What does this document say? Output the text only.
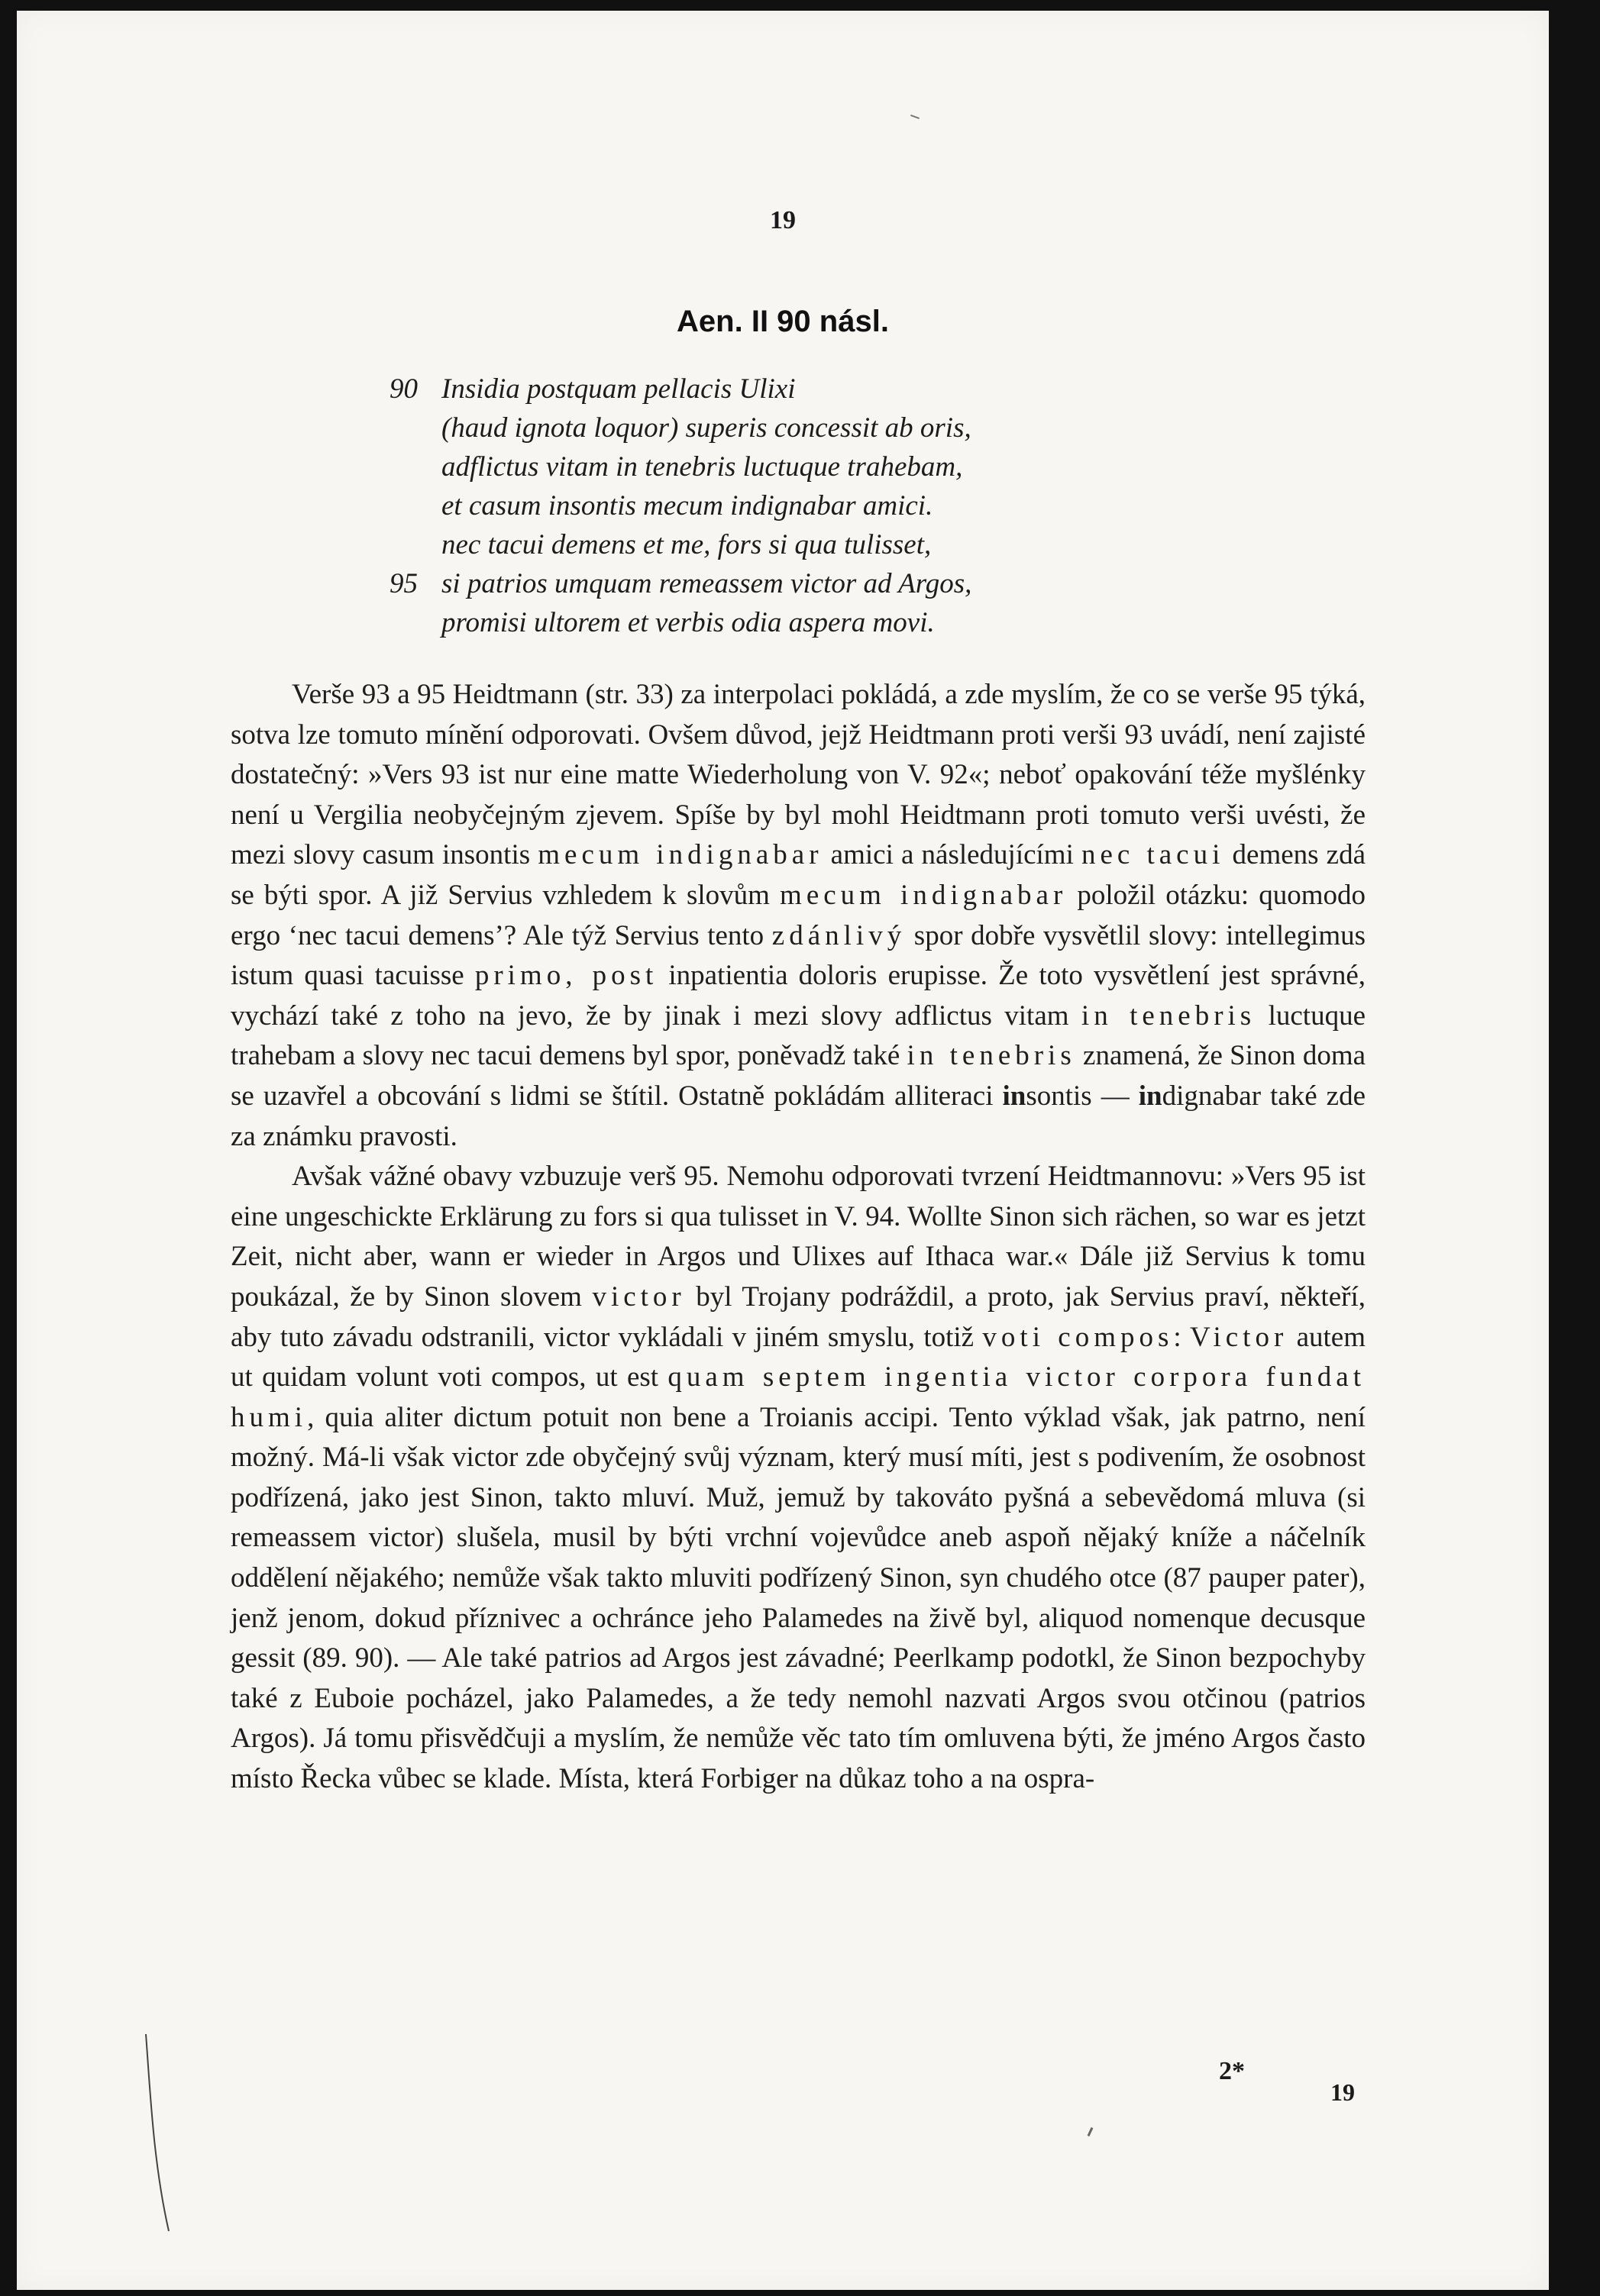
19
Aen. II 90 násl.
90 Insidia postquam pellacis Ulixi
(haud ignota loquor) superis concessit ab oris,
adflictus vitam in tenebris luctuque trahebam,
et casum insontis mecum indignabar amici.
nec tacui demens et me, fors si qua tulisset,
95 si patrios umquam remeassem victor ad Argos,
promisi ultorem et verbis odia aspera movi.

Verše 93 a 95 Heidtmann (str. 33) za interpolaci pokládá, a zde myslím, že co se verše 95 týká, sotva lze tomuto mínění odporovati. Ovšem důvod, jejž Heidtmann proti verši 93 uvádí, není zajisté dostatečný: »Vers 93 ist nur eine matte Wiederholung von V. 92«; neboť opakování téže myšlénky není u Vergilia neobyčejným zjevem. Spíše by byl mohl Heidtmann proti tomuto verši uvésti, že mezi slovy casum insontis mecum indignabar amici a následujícími nec tacui demens zdá se býti spor. A již Servius vzhledem k slovům mecum indignabar položil otázku: quomodo ergo ‘nec tacui demens’? Ale týž Servius tento zdánlivý spor dobře vysvětlil slovy: intellegimus istum quasi tacuisse primo, post inpatientia doloris erupisse. Že toto vysvětlení jest správné, vychází také z toho na jevo, že by jinak i mezi slovy adflictus vitam in tenebris luctuque trahebam a slovy nec tacui demens byl spor, poněvadž také in tenebris znamená, že Sinon doma se uzavřel a obcování s lidmi se štítil. Ostatně pokládám alliteraci insontis — indignabar také zde za známku pravosti.

Avšak vážné obavy vzbuzuje verš 95. Nemohu odporovati tvrzení Heidtmannovu: »Vers 95 ist eine ungeschickte Erklärung zu fors si qua tulisset in V. 94. Wollte Sinon sich rächen, so war es jetzt Zeit, nicht aber, wann er wieder in Argos und Ulixes auf Ithaca war.« Dále již Servius k tomu poukázal, že by Sinon slovem victor byl Trojany podráždil, a proto, jak Servius praví, někteří, aby tuto závadu odstranili, victor vykládali v jiném smyslu, totiž voti compos: Victor autem ut quidam volunt voti compos, ut est quam septem ingentia victor corpora fundat humi, quia aliter dictum potuit non bene a Troianis accipi. Tento výklad však, jak patrno, není možný. Má-li však victor zde obyčejný svůj význam, který musí míti, jest s podivením, že osobnost podřízená, jako jest Sinon, takto mluví. Muž, jemuž by takováto pyšná a sebevědomá mluva (si remeassem victor) slušela, musil by býti vrchní vojevůdce aneb aspoň nějaký kníže a náčelník oddělení nějakého; nemůže však takto mluviti podřízený Sinon, syn chudého otce (87 pauper pater), jenž jenom, dokud příznivec a ochránce jeho Palamedes na živě byl, aliquod nomenque decusque gessit (89. 90). — Ale také patrios ad Argos jest závadné; Peerlkamp podotkl, že Sinon bezpochyby také z Euboie pocházel, jako Palamedes, a že tedy nemohl nazvati Argos svou otčinou (patrios Argos). Já tomu přisvědčuji a myslím, že nemůže věc tato tím omluvena býti, že jméno Argos často místo Řecka vůbec se klade. Místa, která Forbiger na důkaz toho a na ospra-

2*
19
